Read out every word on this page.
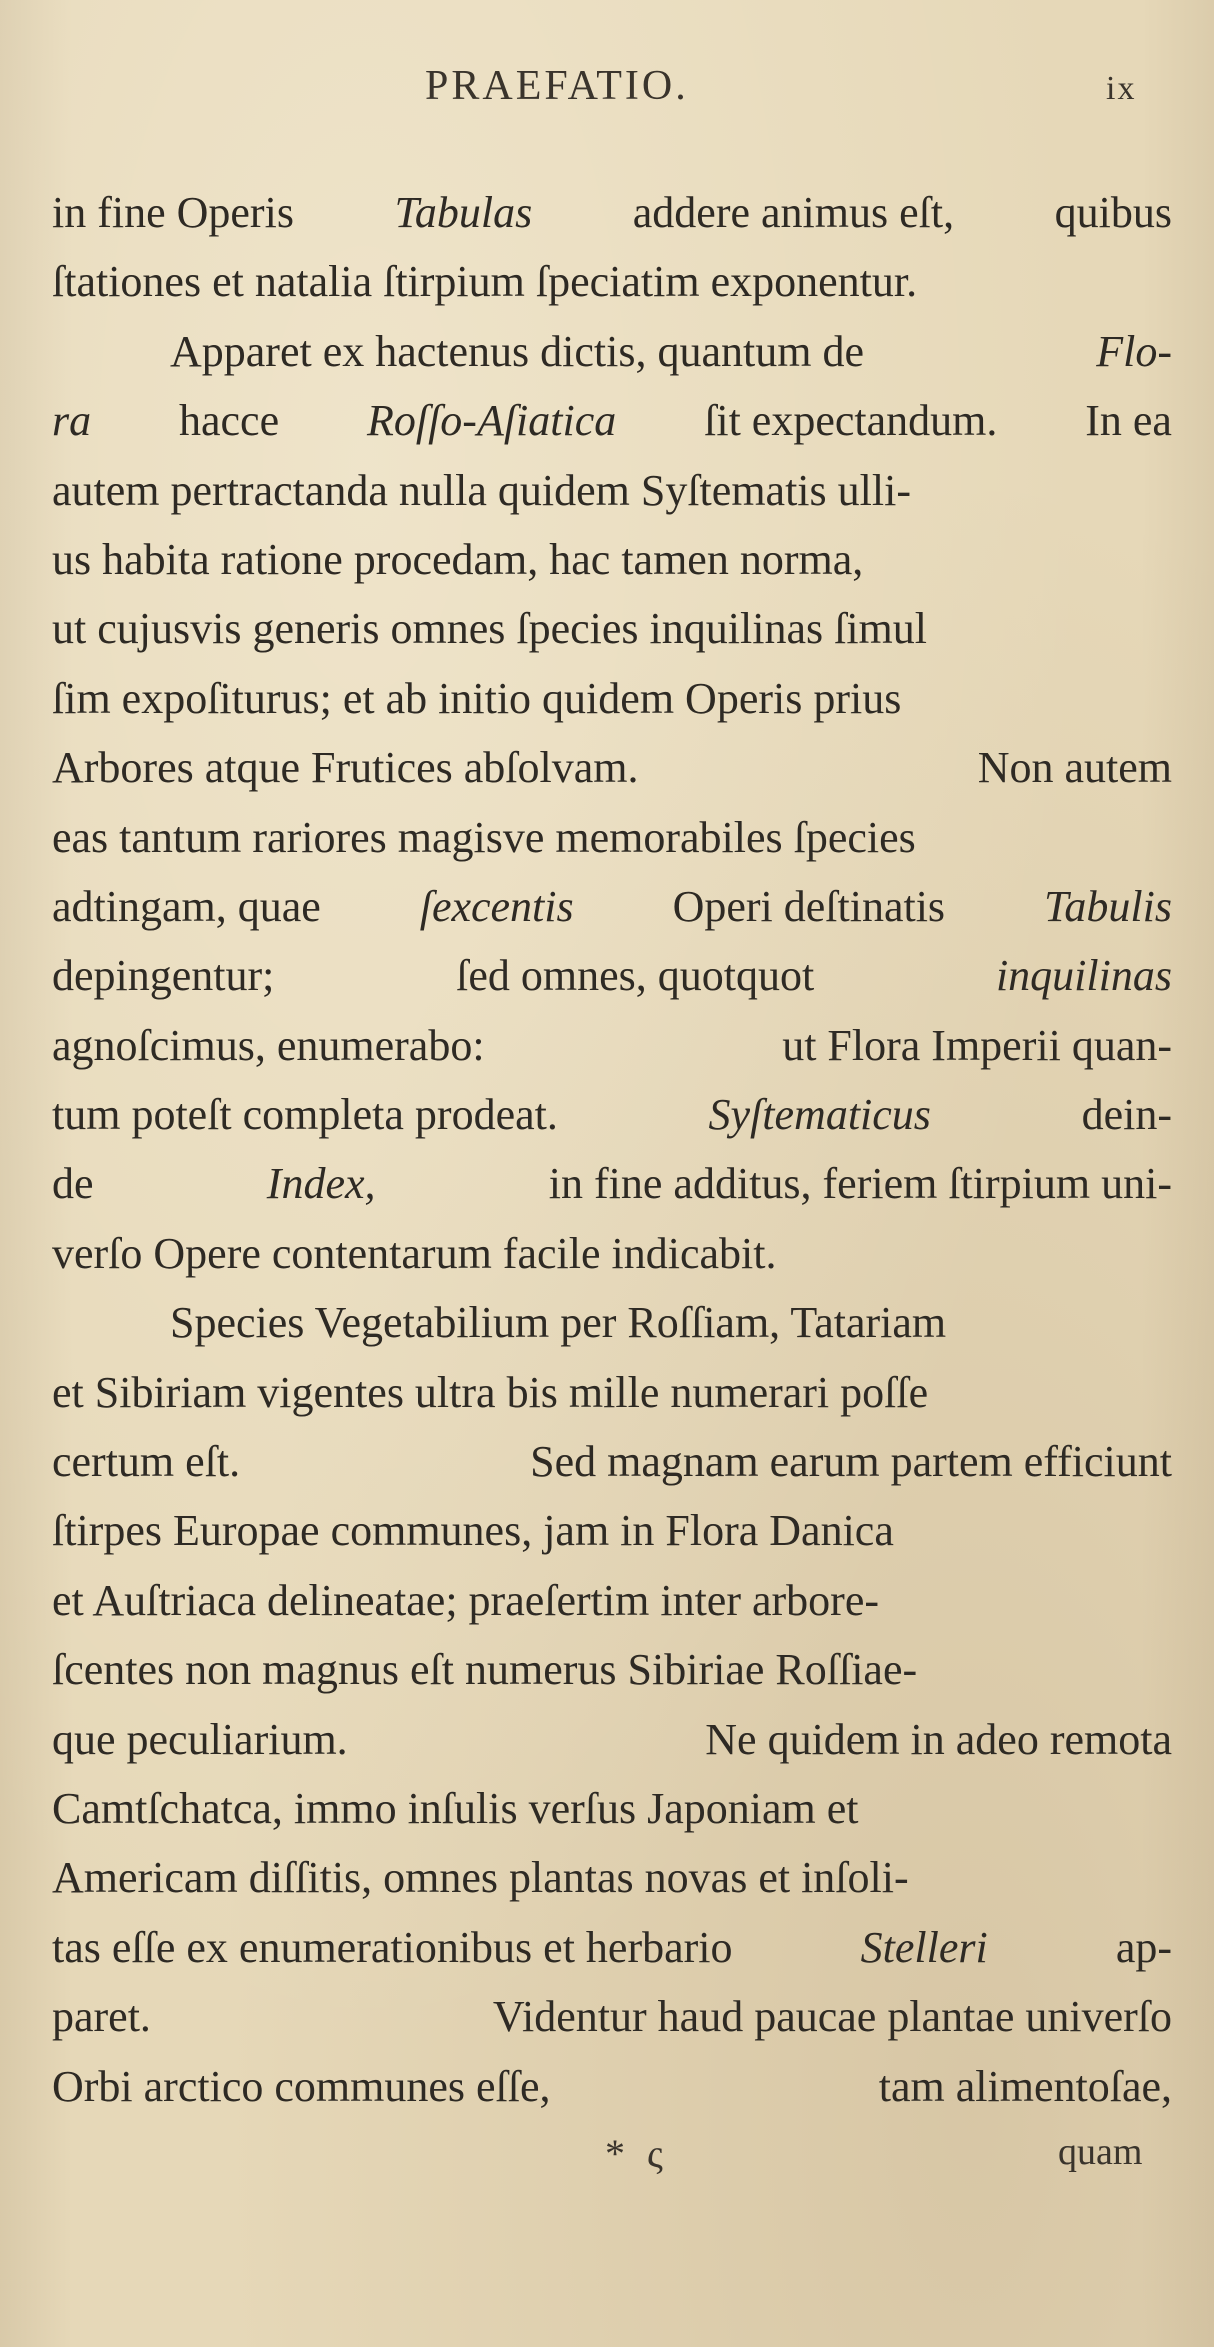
PRAEFATIO.	ix
in fine Operis Tabulas addere animus eſt, quibus
ſtationes et natalia ſtirpium ſpeciatim exponentur.
Apparet ex hactenus dictis, quantum de	Flo-
ra hacce Roſſo-Aſiatica ſit expectandum. In ea
autem pertractanda nulla quidem Syſtematis ulli-
us habita ratione procedam, hac tamen norma,
ut cujusvis generis omnes ſpecies inquilinas ſimul
ſim expoſiturus; et ab initio quidem Operis prius
Arbores atque Frutices abſolvam.	Non autem
eas tantum rariores magisve memorabiles ſpecies
adtingam, quae ſexcentis Operi deſtinatis Tabulis
depingentur;	ſed omnes, quotquot	inquilinas
agnoſcimus, enumerabo:	ut Flora Imperii quan-
tum poteſt completa prodeat.	Syſtematicus	dein-
de	Index,	in fine additus, feriem ſtirpium uni-
verſo Opere contentarum facile indicabit.
Species Vegetabilium per Roſſiam, Tatariam
et Sibiriam vigentes ultra bis mille numerari poſſe
certum eſt.	Sed magnam earum partem efficiunt
ſtirpes Europae communes, jam in Flora Danica
et Auſtriaca delineatae; praeſertim inter arbore-
ſcentes non magnus eſt numerus Sibiriae Roſſiae-
que peculiarium.	Ne quidem in adeo remota
Camtſchatca, immo inſulis verſus Japoniam et
Americam diſſitis, omnes plantas novas et inſoli-
tas eſſe ex enumerationibus et herbario	Stelleri	ap-
paret.	Videntur haud paucae plantae univerſo
Orbi arctico communes eſſe,	tam alimentoſae,
* ς	quam
